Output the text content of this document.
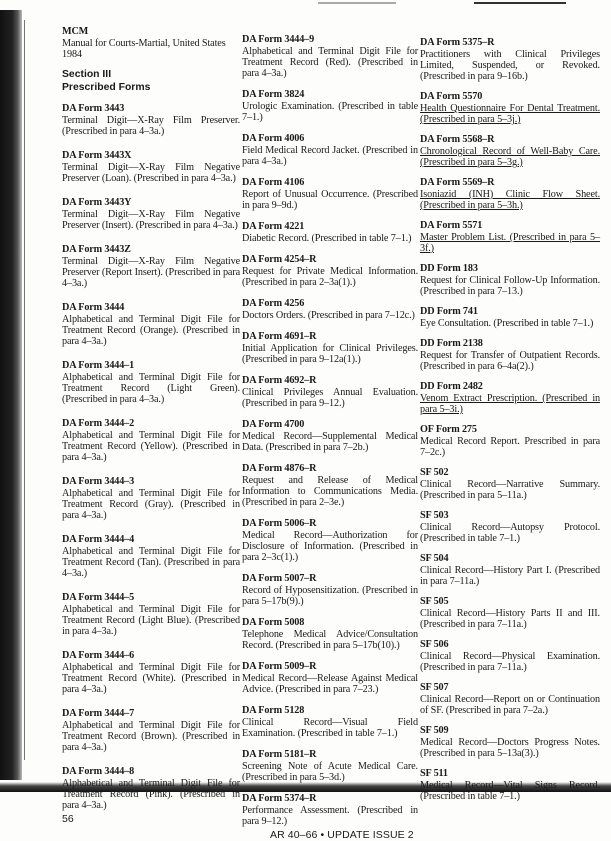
MCM

Manual for Courts-Martial, United States 1984

Section III

Prescribed Forms

DA Form 3443

Terminal Digit—X-Ray Film Preserver. (Prescribed in para 4–3a.)

DA Form 3443X

Terminal Digit—X-Ray Film Negative Preserver (Loan). (Prescribed in para 4–3a.)

DA Form 3443Y

Terminal Digit—X-Ray Film Negative Preserver (Insert). (Prescribed in para 4–3a.)

DA Form 3443Z

Terminal Digit—X-Ray Film Negative Preserver (Report Insert). (Prescribed in para 4–3a.)

DA Form 3444

Alphabetical and Terminal Digit File for Treatment Record (Orange). (Prescribed in para 4–3a.)

DA Form 3444–1

Alphabetical and Terminal Digit File for Treatment Record (Light Green). (Prescribed in para 4–3a.)

DA Form 3444–2

Alphabetical and Terminal Digit File for Treatment Record (Yellow). (Prescribed in para 4–3a.)

DA Form 3444–3

Alphabetical and Terminal Digit File for Treatment Record (Gray). (Prescribed in para 4–3a.)

DA Form 3444–4

Alphabetical and Terminal Digit File for Treatment Record (Tan). (Prescribed in para 4–3a.)

DA Form 3444–5

Alphabetical and Terminal Digit File for Treatment Record (Light Blue). (Prescribed in para 4–3a.)

DA Form 3444–6

Alphabetical and Terminal Digit File for Treatment Record (White). (Prescribed in para 4–3a.)

DA Form 3444–7

Alphabetical and Terminal Digit File for Treatment Record (Brown). (Prescribed in para 4–3a.)

DA Form 3444–8

Alphabetical and Terminal Digit File for Treatment Record (Pink). (Prescribed in para 4–3a.)

DA Form 3444–9

Alphabetical and Terminal Digit File for Treatment Record (Red). (Prescribed in para 4–3a.)

DA Form 3824

Urologic Examination. (Prescribed in table 7–1.)

DA Form 4006

Field Medical Record Jacket. (Prescribed in para 4–3a.)

DA Form 4106

Report of Unusual Occurrence. (Prescribed in para 9–9d.)

DA Form 4221

Diabetic Record. (Prescribed in table 7–1.)

DA Form 4254–R

Request for Private Medical Information. (Prescribed in para 2–3a(1).)

DA Form 4256

Doctors Orders. (Prescribed in para 7–12c.)

DA Form 4691–R

Initial Application for Clinical Privileges. (Prescribed in para 9–12a(1).)

DA Form 4692–R

Clinical Privileges Annual Evaluation. (Prescribed in para 9–12.)

DA Form 4700

Medical Record—Supplemental Medical Data. (Prescribed in para 7–2b.)

DA Form 4876–R

Request and Release of Medical Information to Communications Media. (Prescribed in para 2–3e.)

DA Form 5006–R

Medical Record—Authorization for Disclosure of Information. (Prescribed in para 2–3c(1).)

DA Form 5007–R

Record of Hyposensitization. (Prescribed in para 5–17b(9).)

DA Form 5008

Telephone Medical Advice/Consultation Record. (Prescribed in para 5–17b(10).)

DA Form 5009–R

Medical Record—Release Against Medical Advice. (Prescribed in para 7–23.)

DA Form 5128

Clinical Record—Visual Field Examination. (Prescribed in table 7–1.)

DA Form 5181–R

Screening Note of Acute Medical Care. (Prescribed in para 5–3d.)

DA Form 5374–R

Performance Assessment. (Prescribed in para 9–12.)

DA Form 5375–R

Practitioners with Clinical Privileges Limited, Suspended, or Revoked. (Prescribed in para 9–16b.)

DA Form 5570

Health Questionnaire For Dental Treatment. (Prescribed in para 5–3j.)

DA Form 5568–R

Chronological Record of Well-Baby Care. (Prescribed in para 5–3g.)

DA Form 5569–R

Isoniazid (INH) Clinic Flow Sheet. (Prescribed in para 5–3h.)

DA Form 5571

Master Problem List. (Prescribed in para 5–3f.)

DD Form 183

Request for Clinical Follow-Up Information. (Prescribed in para 7–13.)

DD Form 741

Eye Consultation. (Prescribed in table 7–1.)

DD Form 2138

Request for Transfer of Outpatient Records. (Prescribed in para 6–4a(2).)

DD Form 2482

Venom Extract Prescription. (Prescribed in para 5–3i.)

OF Form 275

Medical Record Report. Prescribed in para 7–2c.)

SF 502

Clinical Record—Narrative Summary. (Prescribed in para 5–11a.)

SF 503

Clinical Record—Autopsy Protocol. (Prescribed in table 7–1.)

SF 504

Clinical Record—History Part I. (Prescribed in para 7–11a.)

SF 505

Clinical Record—History Parts II and III. (Prescribed in para 7–11a.)

SF 506

Clinical Record—Physical Examination. (Prescribed in para 7–11a.)

SF 507

Clinical Record—Report on or Continuation of SF. (Prescribed in para 7–2a.)

SF 509

Medical Record—Doctors Progress Notes. (Prescribed in para 5–13a(3).)

SF 511

Medical Record—Vital Signs Record. (Prescribed in table 7–1.)

56
AR 40–66 • UPDATE ISSUE 2
